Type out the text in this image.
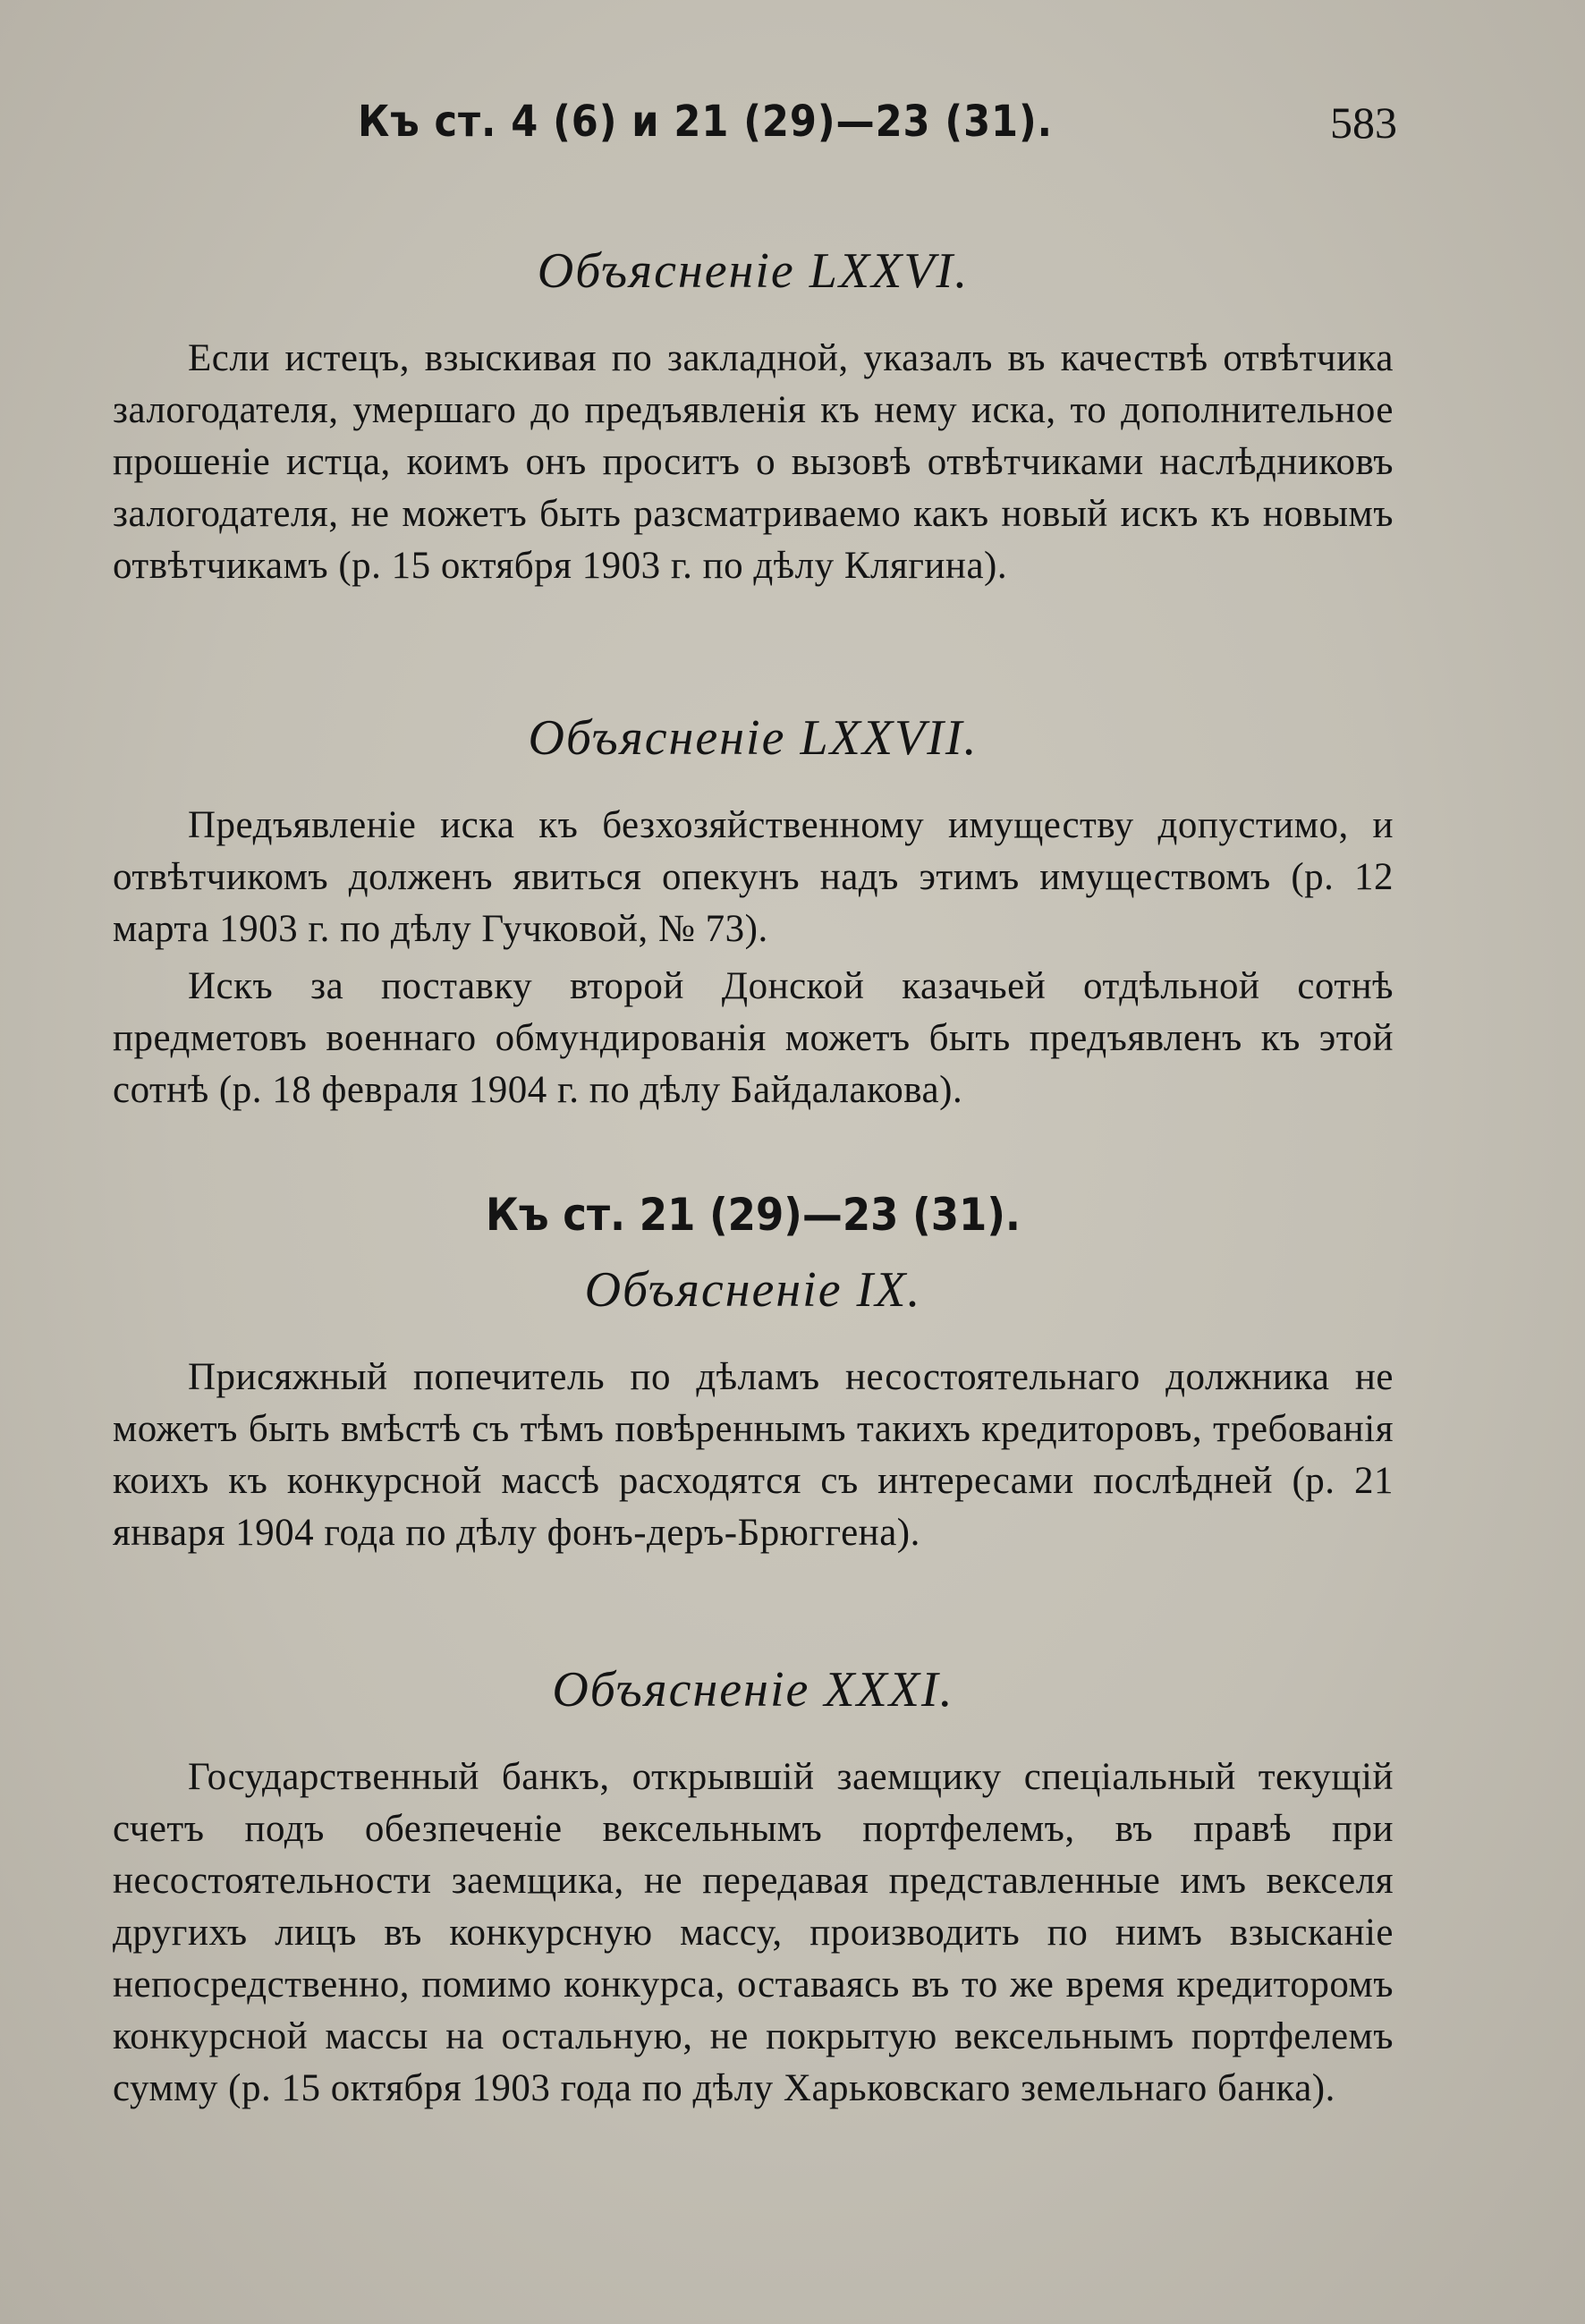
Къ ст. 4 (6) и 21 (29)—23 (31).	583
Объясненіе LXXVI.

Если истецъ, взыскивая по закладной, указалъ въ качествѣ отвѣтчика залогодателя, умершаго до предъявленія къ нему иска, то дополнительное прошеніе истца, коимъ онъ проситъ о вызовѣ отвѣтчиками наслѣдниковъ залогодателя, не можетъ быть разсматриваемо какъ новый искъ къ новымъ отвѣтчикамъ (р. 15 октября 1903 г. по дѣлу Клягина).

Объясненіе LXXVII.

Предъявленіе иска къ безхозяйственному имуществу допустимо, и отвѣтчикомъ долженъ явиться опекунъ надъ этимъ имуществомъ (р. 12 марта 1903 г. по дѣлу Гучковой, № 73).

Искъ за поставку второй Донской казачьей отдѣльной сотнѣ предметовъ военнаго обмундированія можетъ быть предъявленъ къ этой сотнѣ (р. 18 февраля 1904 г. по дѣлу Байдалакова).

Къ ст. 21 (29)—23 (31).
Объясненіе IX.

Присяжный попечитель по дѣламъ несостоятельнаго должника не можетъ быть вмѣстѣ съ тѣмъ повѣреннымъ такихъ кредиторовъ, требованія коихъ къ конкурсной массѣ расходятся съ интересами послѣдней (р. 21 января 1904 года по дѣлу фонъ-деръ-Брюггена).

Объясненіе XXXI.

Государственный банкъ, открывшій заемщику спеціальный текущій счетъ подъ обезпеченіе вексельнымъ портфелемъ, въ правѣ при несостоятельности заемщика, не передавая представленные имъ векселя другихъ лицъ въ конкурсную массу, производить по нимъ взысканіе непосредственно, помимо конкурса, оставаясь въ то же время кредиторомъ конкурсной массы на остальную, не покрытую вексельнымъ портфелемъ сумму (р. 15 октября 1903 года по дѣлу Харьковскаго земельнаго банка).
